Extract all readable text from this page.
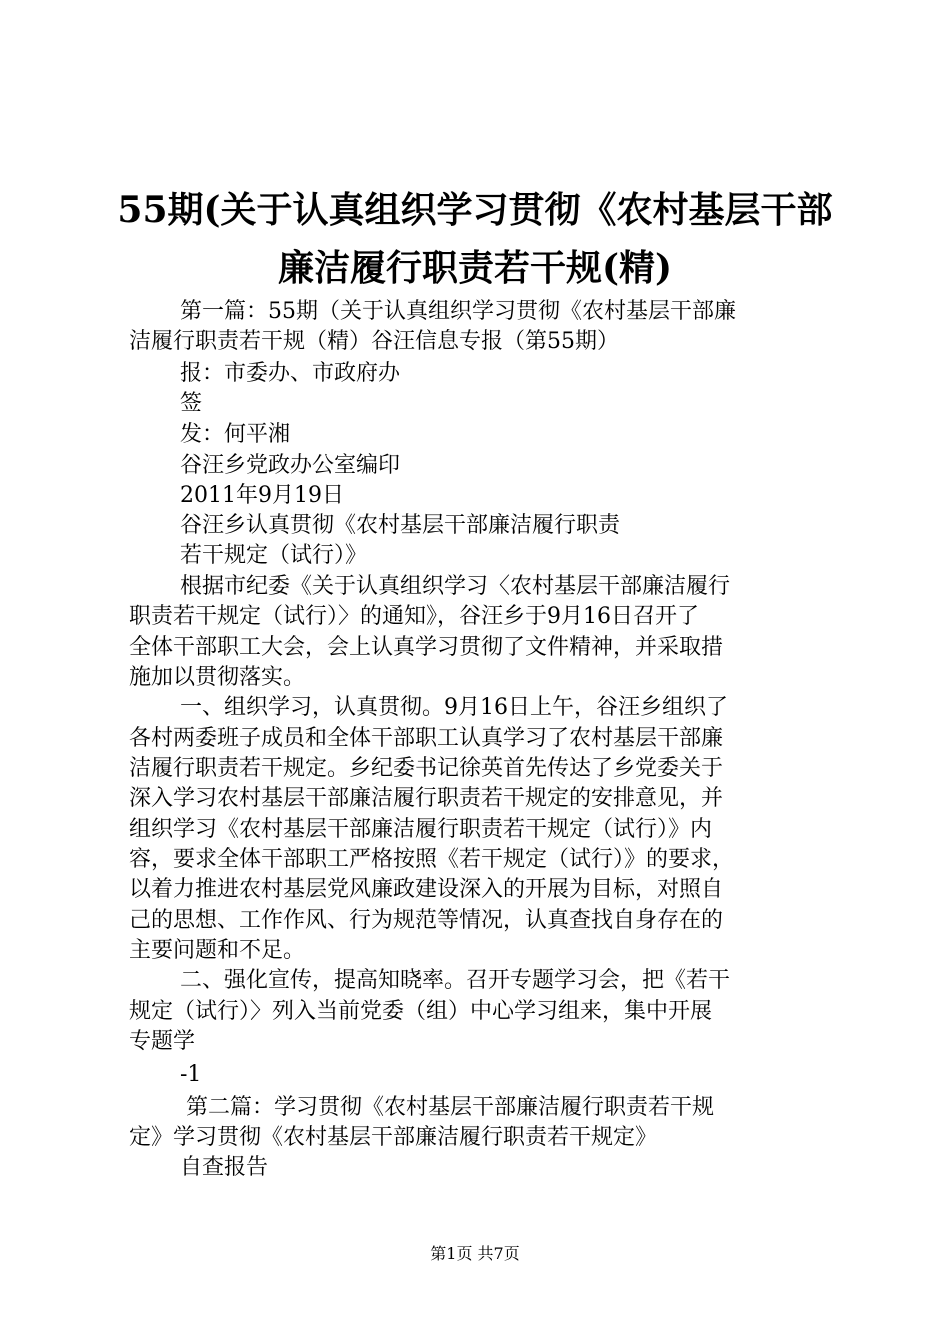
55期(关于认真组织学习贯彻《农村基层干部
廉洁履行职责若干规(精)
第一篇：55期（关于认真组织学习贯彻《农村基层干部廉
洁履行职责若干规（精）谷汪信息专报（第55期）
报：市委办、市政府办
签
发：何平湘
谷汪乡党政办公室编印
2011年9月19日
谷汪乡认真贯彻《农村基层干部廉洁履行职责
若干规定（试行）》
根据市纪委《关于认真组织学习〈农村基层干部廉洁履行
职责若干规定（试行）〉的通知》，谷汪乡于9月16日召开了
全体干部职工大会，会上认真学习贯彻了文件精神，并采取措
施加以贯彻落实。
一、组织学习，认真贯彻。9月16日上午，谷汪乡组织了
各村两委班子成员和全体干部职工认真学习了农村基层干部廉
洁履行职责若干规定。乡纪委书记徐英首先传达了乡党委关于
深入学习农村基层干部廉洁履行职责若干规定的安排意见，并
组织学习《农村基层干部廉洁履行职责若干规定（试行）》内
容，要求全体干部职工严格按照《若干规定（试行）》的要求，
以着力推进农村基层党风廉政建设深入的开展为目标，对照自
己的思想、工作作风、行为规范等情况，认真查找自身存在的
主要问题和不足。
二、强化宣传，提高知晓率。召开专题学习会，把《若干
规定（试行）〉列入当前党委（组）中心学习组来，集中开展
专题学
-1
第二篇：学习贯彻《农村基层干部廉洁履行职责若干规
定》学习贯彻《农村基层干部廉洁履行职责若干规定》
自查报告
第1页 共7页
